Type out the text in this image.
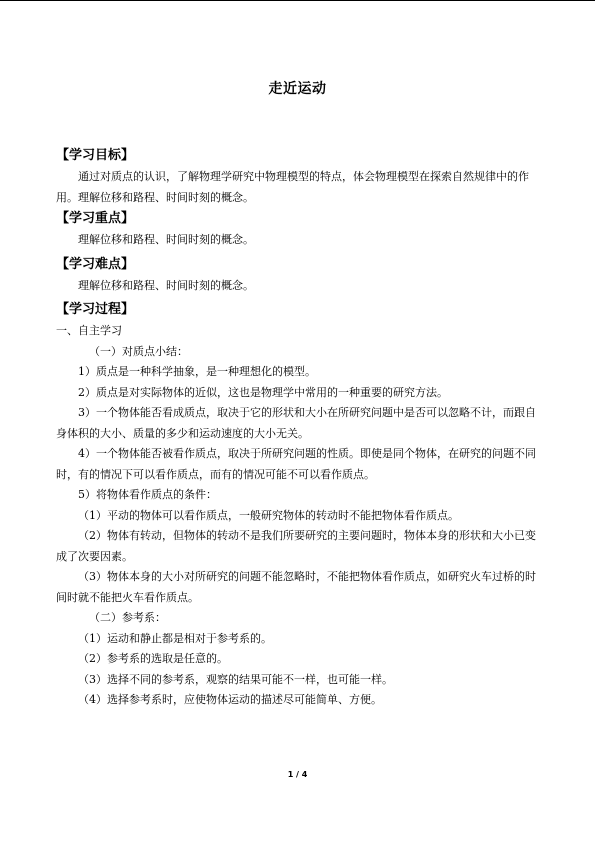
走近运动
【学习目标】

通过对质点的认识，了解物理学研究中物理模型的特点，体会物理模型在探索自然规律中的作用。理解位移和路程、时间时刻的概念。

【学习重点】

理解位移和路程、时间时刻的概念。

【学习难点】

理解位移和路程、时间时刻的概念。

【学习过程】

一、自主学习

（一）对质点小结：

1）质点是一种科学抽象，是一种理想化的模型。

2）质点是对实际物体的近似，这也是物理学中常用的一种重要的研究方法。

3）一个物体能否看成质点，取决于它的形状和大小在所研究问题中是否可以忽略不计，而跟自身体积的大小、质量的多少和运动速度的大小无关。

4）一个物体能否被看作质点，取决于所研究问题的性质。即使是同个物体，在研究的问题不同时，有的情况下可以看作质点，而有的情况可能不可以看作质点。

5）将物体看作质点的条件：

（1）平动的物体可以看作质点，一般研究物体的转动时不能把物体看作质点。

（2）物体有转动，但物体的转动不是我们所要研究的主要问题时，物体本身的形状和大小已变成了次要因素。

（3）物体本身的大小对所研究的问题不能忽略时，不能把物体看作质点，如研究火车过桥的时间时就不能把火车看作质点。

（二）参考系：

（1）运动和静止都是相对于参考系的。

（2）参考系的选取是任意的。

（3）选择不同的参考系，观察的结果可能不一样，也可能一样。

（4）选择参考系时，应使物体运动的描述尽可能简单、方便。

1 / 4
